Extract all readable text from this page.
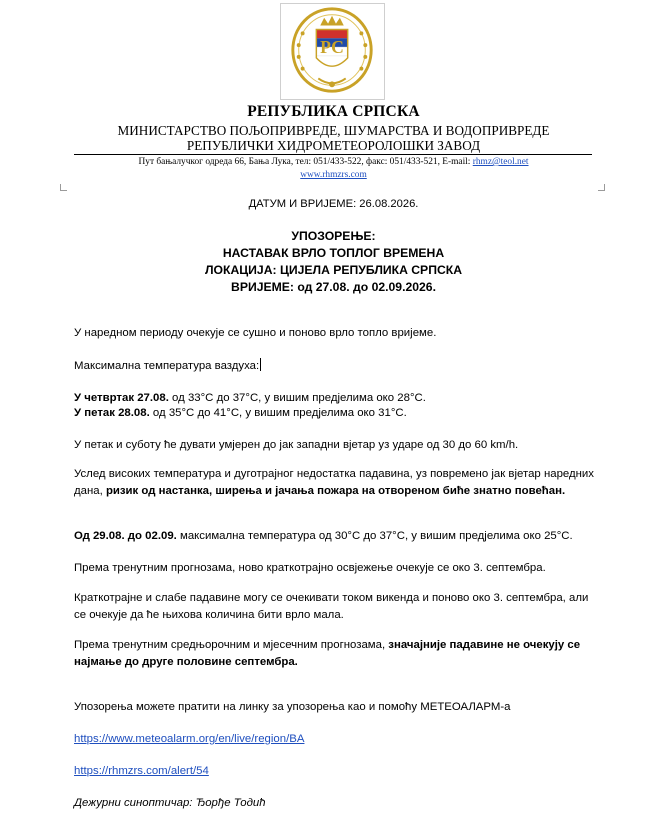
РС
РЕПУБЛИКА СРПСКА
МИНИСТАРСТВО ПОЉОПРИВРЕДЕ, ШУМАРСТВА И ВОДОПРИВРЕДЕ
РЕПУБЛИЧКИ ХИДРОМЕТЕОРОЛОШКИ ЗАВОД
Пут бањалучког одреда 66, Бања Лука, тел: 051/433-522, факс: 051/433-521, E-mail: rhmz@teol.net
www.rhmzrs.com
ДАТУМ И ВРИЈЕМЕ: 26.08.2026.
УПОЗОРЕЊЕ:
НАСТАВАК ВРЛО ТОПЛОГ ВРЕМЕНА
ЛОКАЦИЈА: ЦИЈЕЛА РЕПУБЛИКА СРПСКА
ВРИЈЕМЕ: од 27.08. до 02.09.2026.
У наредном периоду очекује се сушно и поново врло топло вријеме.
Максимална температура ваздуха:
У четвртак 27.08. од 33°C до 37°C, у вишим предјелима око 28°C.
У петак 28.08. од 35°C до 41°C, у вишим предјелима око 31°C.
У петак и суботу ће дувати умјерен до јак западни вјетар уз ударе од 30 до 60 km/h.
Услед високих температура и дуготрајног недостатка падавина, уз повремено јак вјетар наредних дана, ризик од настанка, ширења и јачања пожара на отвореном биће знатно повећан.
Од 29.08. до 02.09. максимална температура од 30°C до 37°C, у вишим предјелима око 25°C.
Према тренутним прогнозама, ново краткотрајно освјежење очекује се око 3. септембра.
Краткотрајне и слабе падавине могу се очекивати током викенда и поново око 3. септембра, али се очекује да ће њихова количина бити врло мала.
Према тренутним средњорочним и мјесечним прогнозама, значајније падавине не очекују се најмање до друге половине септембра.
Упозорења можете пратити на линку за упозорења као и помоћу МЕТЕОАЛАРМ-а
https://www.meteoalarm.org/en/live/region/BA
https://rhmzrs.com/alert/54
Дежурни синоптичар: Ђорђе Тодић
